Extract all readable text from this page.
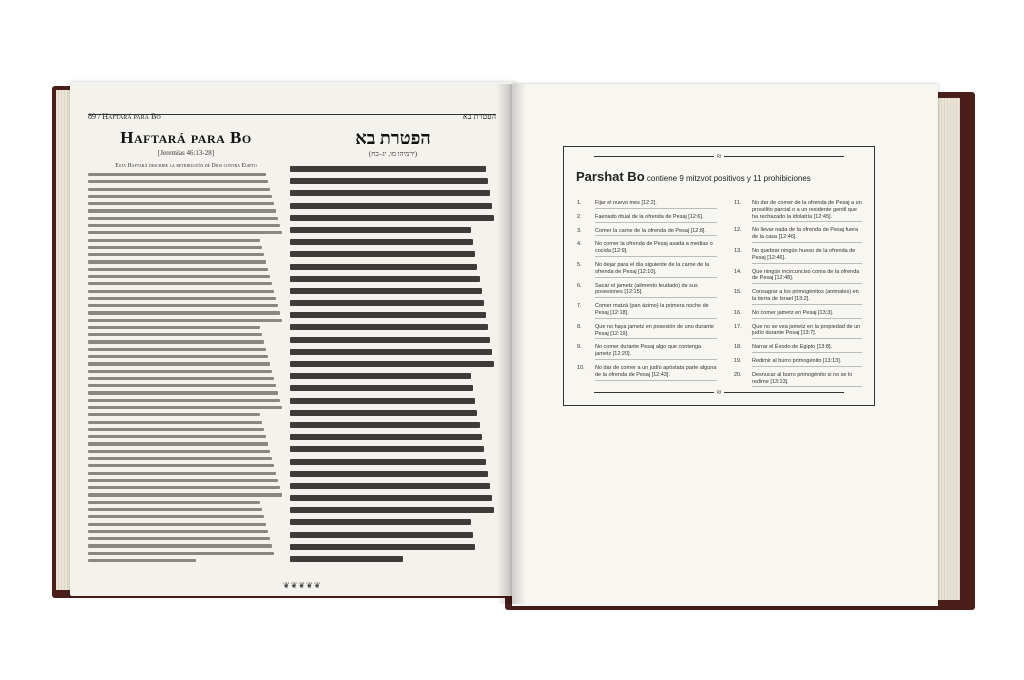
89 / Haftará para Bo	הפטרת בא
Haftará para Bo
[Jeremías 46:13-28]
Esta Haftará describe la retribución de Dios contra Egipto
הפטרת בא
(ירמיהו מו, יג–כח)
❦❦❦❦❦
≈
Parshat Bo contiene 9 mitzvot positivos y 11 prohibiciones
≈
1.	Fijar el nuevo mes [12:2].
2.	Faenado ritual de la ofrenda de Pesaj [12:6].
3.	Comer la carne de la ofrenda de Pesaj [12:8].
4.	No comer la ofrenda de Pesaj asada a medias o cocida [12:9].
5.	No dejar para el día siguiente de la carne de la ofrenda de Pesaj [12:10].
6.	Sacar el jametz (alimento leudado) de sus posesiones [12:15].
7.	Comer matzá (pan ázimo) la primera noche de Pesaj [12:18].
8.	Que no haya jametz en posesión de uno durante Pesaj [12:19].
9.	No comer durante Pesaj algo que contenga jametz [12:20].
10.	No dar de comer a un judío apóstata parte alguna de la ofrenda de Pesaj [12:43].
11.	No dar de comer de la ofrenda de Pesaj a un prosélito parcial o a un residente gentil que ha rechazado la idolatría [12:45].
12.	No llevar nada de la ofrenda de Pesaj fuera de la casa [12:46].
13.	No quebrar ningún hueso de la ofrenda de Pesaj [12:46].
14.	Que ningún incircunciso coma de la ofrenda de Pesaj [12:48].
15.	Consagrar a los primogénitos (animales) en la tierra de Israel [13:2].
16.	No comer jametz en Pesaj [13:3].
17.	Que no se vea jametz en la propiedad de un judío durante Pesaj [13:7].
18.	Narrar el Éxodo de Egipto [13:8].
19.	Redimir al burro primogénito [13:13].
20.	Desnucar al burro primogénito si no se lo redime [13:13].
